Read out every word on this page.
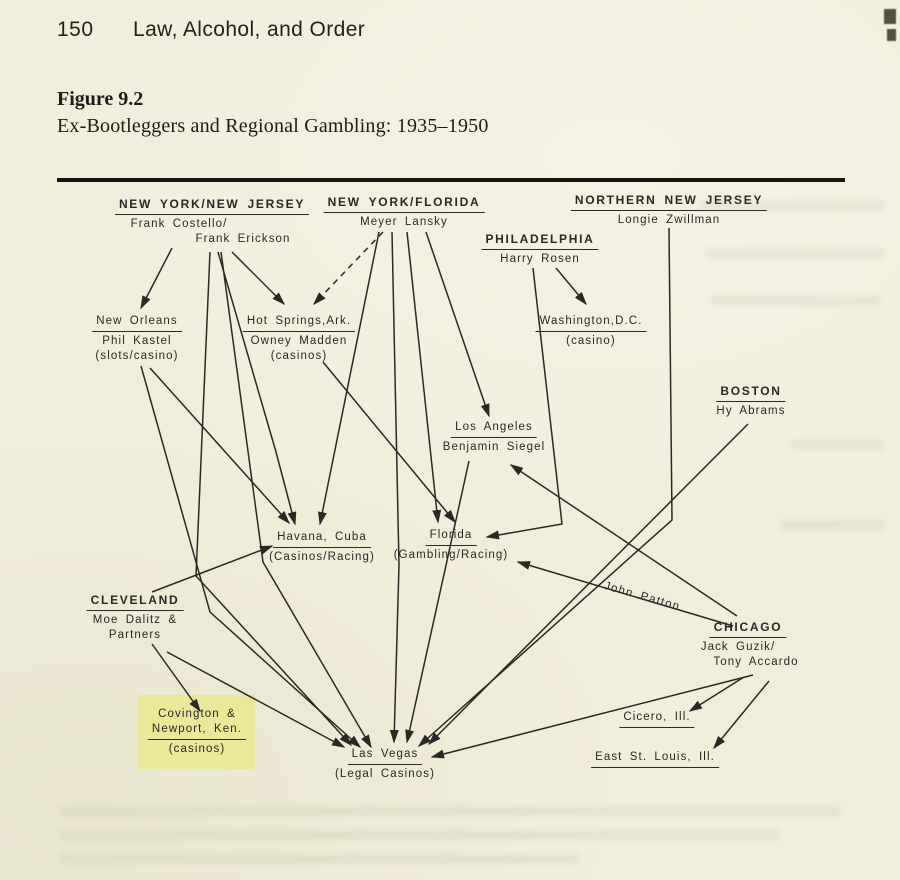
150 Law, Alcohol, and Order
Figure 9.2
Ex-Bootleggers and Regional Gambling: 1935–1950
NEW YORK/NEW JERSEY
Frank Costello/
Frank Erickson
NEW YORK/FLORIDA
Meyer Lansky
NORTHERN NEW JERSEY
Longie Zwillman
PHILADELPHIA
Harry Rosen
New Orleans
Phil Kastel
(slots/casino)
Hot Springs,Ark.
Owney Madden
(casinos)
Washington,D.C.
(casino)
BOSTON
Hy Abrams
Los Angeles
Benjamin Siegel
Havana, Cuba
(Casinos/Racing)
Florida
(Gambling/Racing)
CLEVELAND
Moe Dalitz &
Partners
CHICAGO
Jack Guzik/
Tony Accardo
Covington &
Newport, Ken.
(casinos)	Las Vegas
(Legal Casinos)
Cicero, Ill.
East St. Louis, Ill.
John Patton
